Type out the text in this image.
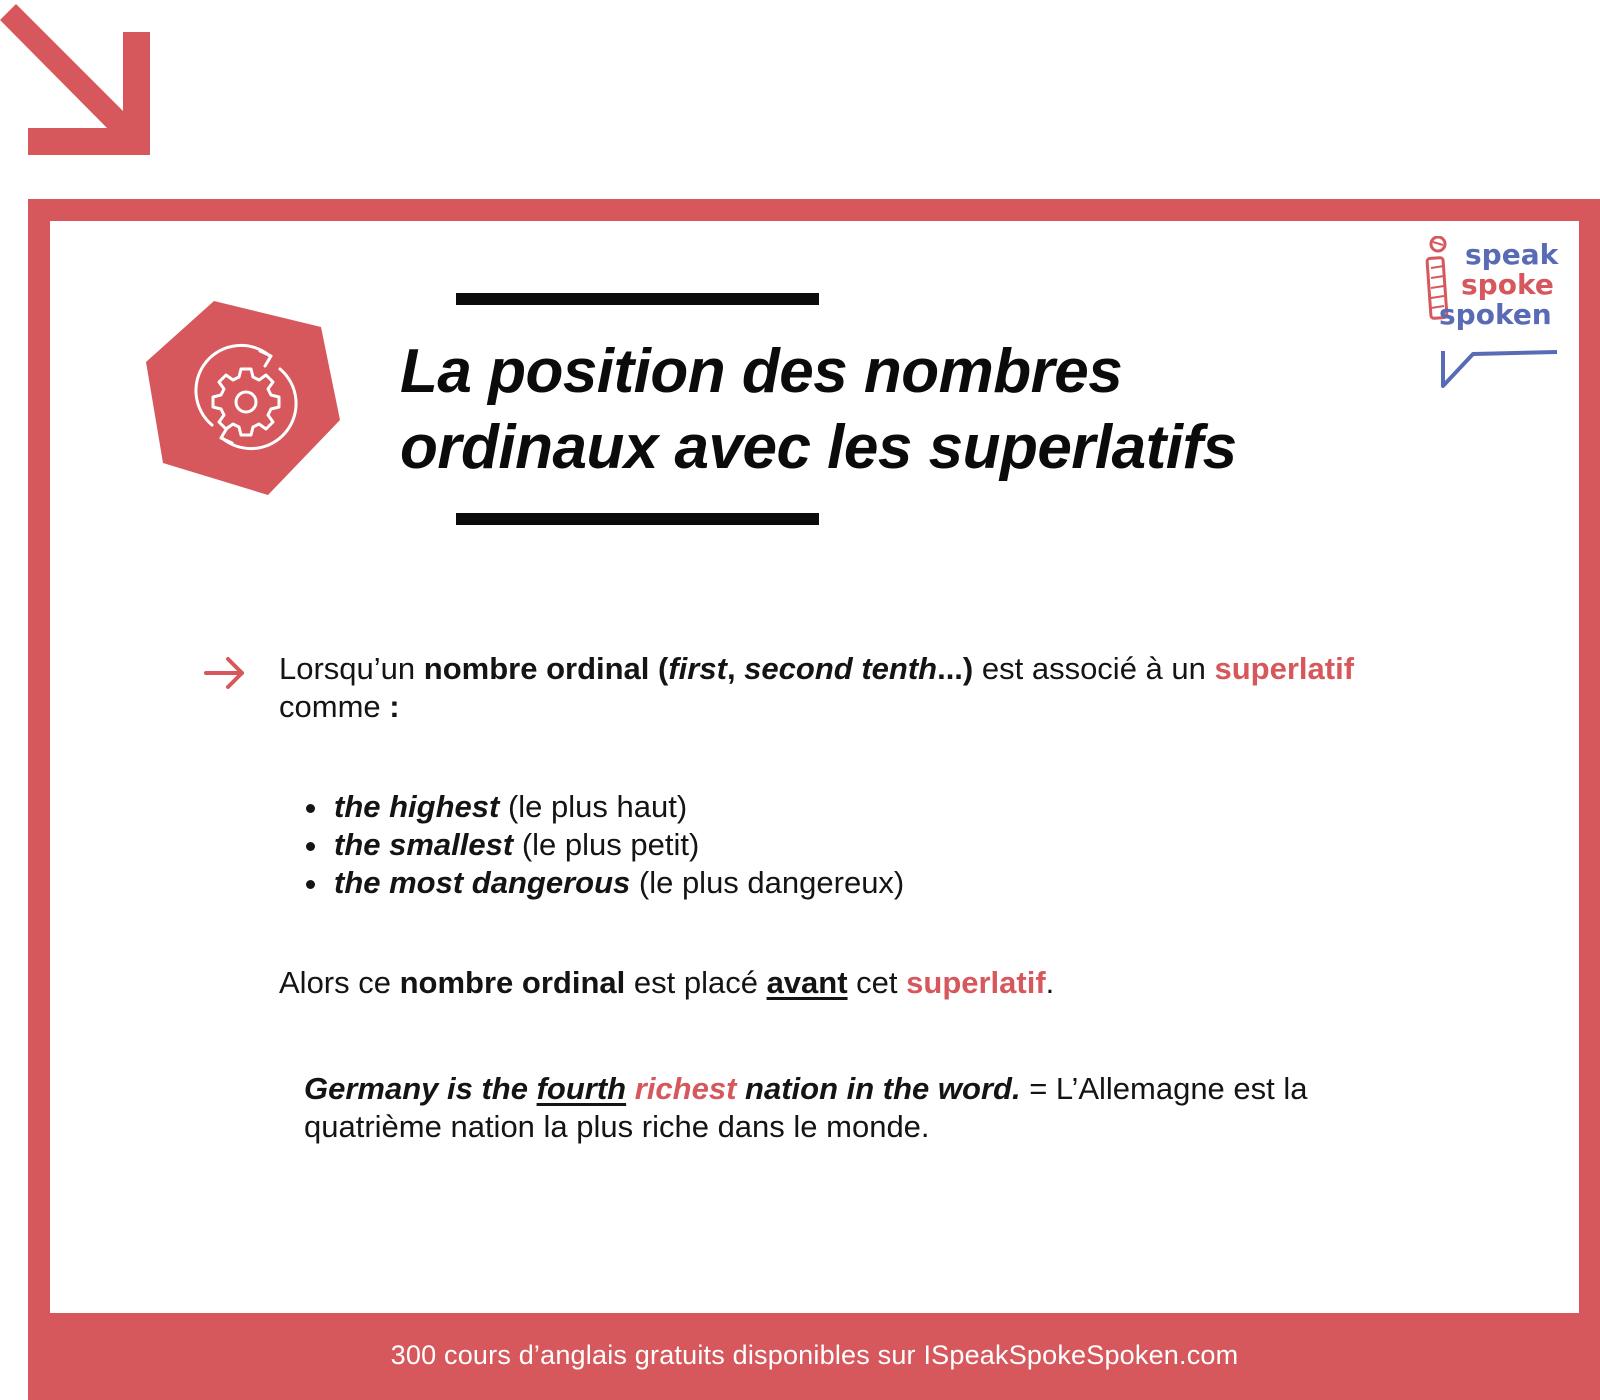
speak
spoke
spoken
La position des nombres
ordinaux avec les superlatifs
Lorsqu’un nombre ordinal (first, second tenth...) est associé à un superlatif comme :
the highest (le plus haut)
the smallest (le plus petit)
the most dangerous (le plus dangereux)
Alors ce nombre ordinal est placé avant cet superlatif.
Germany is the fourth richest nation in the word. = L’Allemagne est la quatrième nation la plus riche dans le monde.
300 cours d’anglais gratuits disponibles sur ISpeakSpokeSpoken.com
